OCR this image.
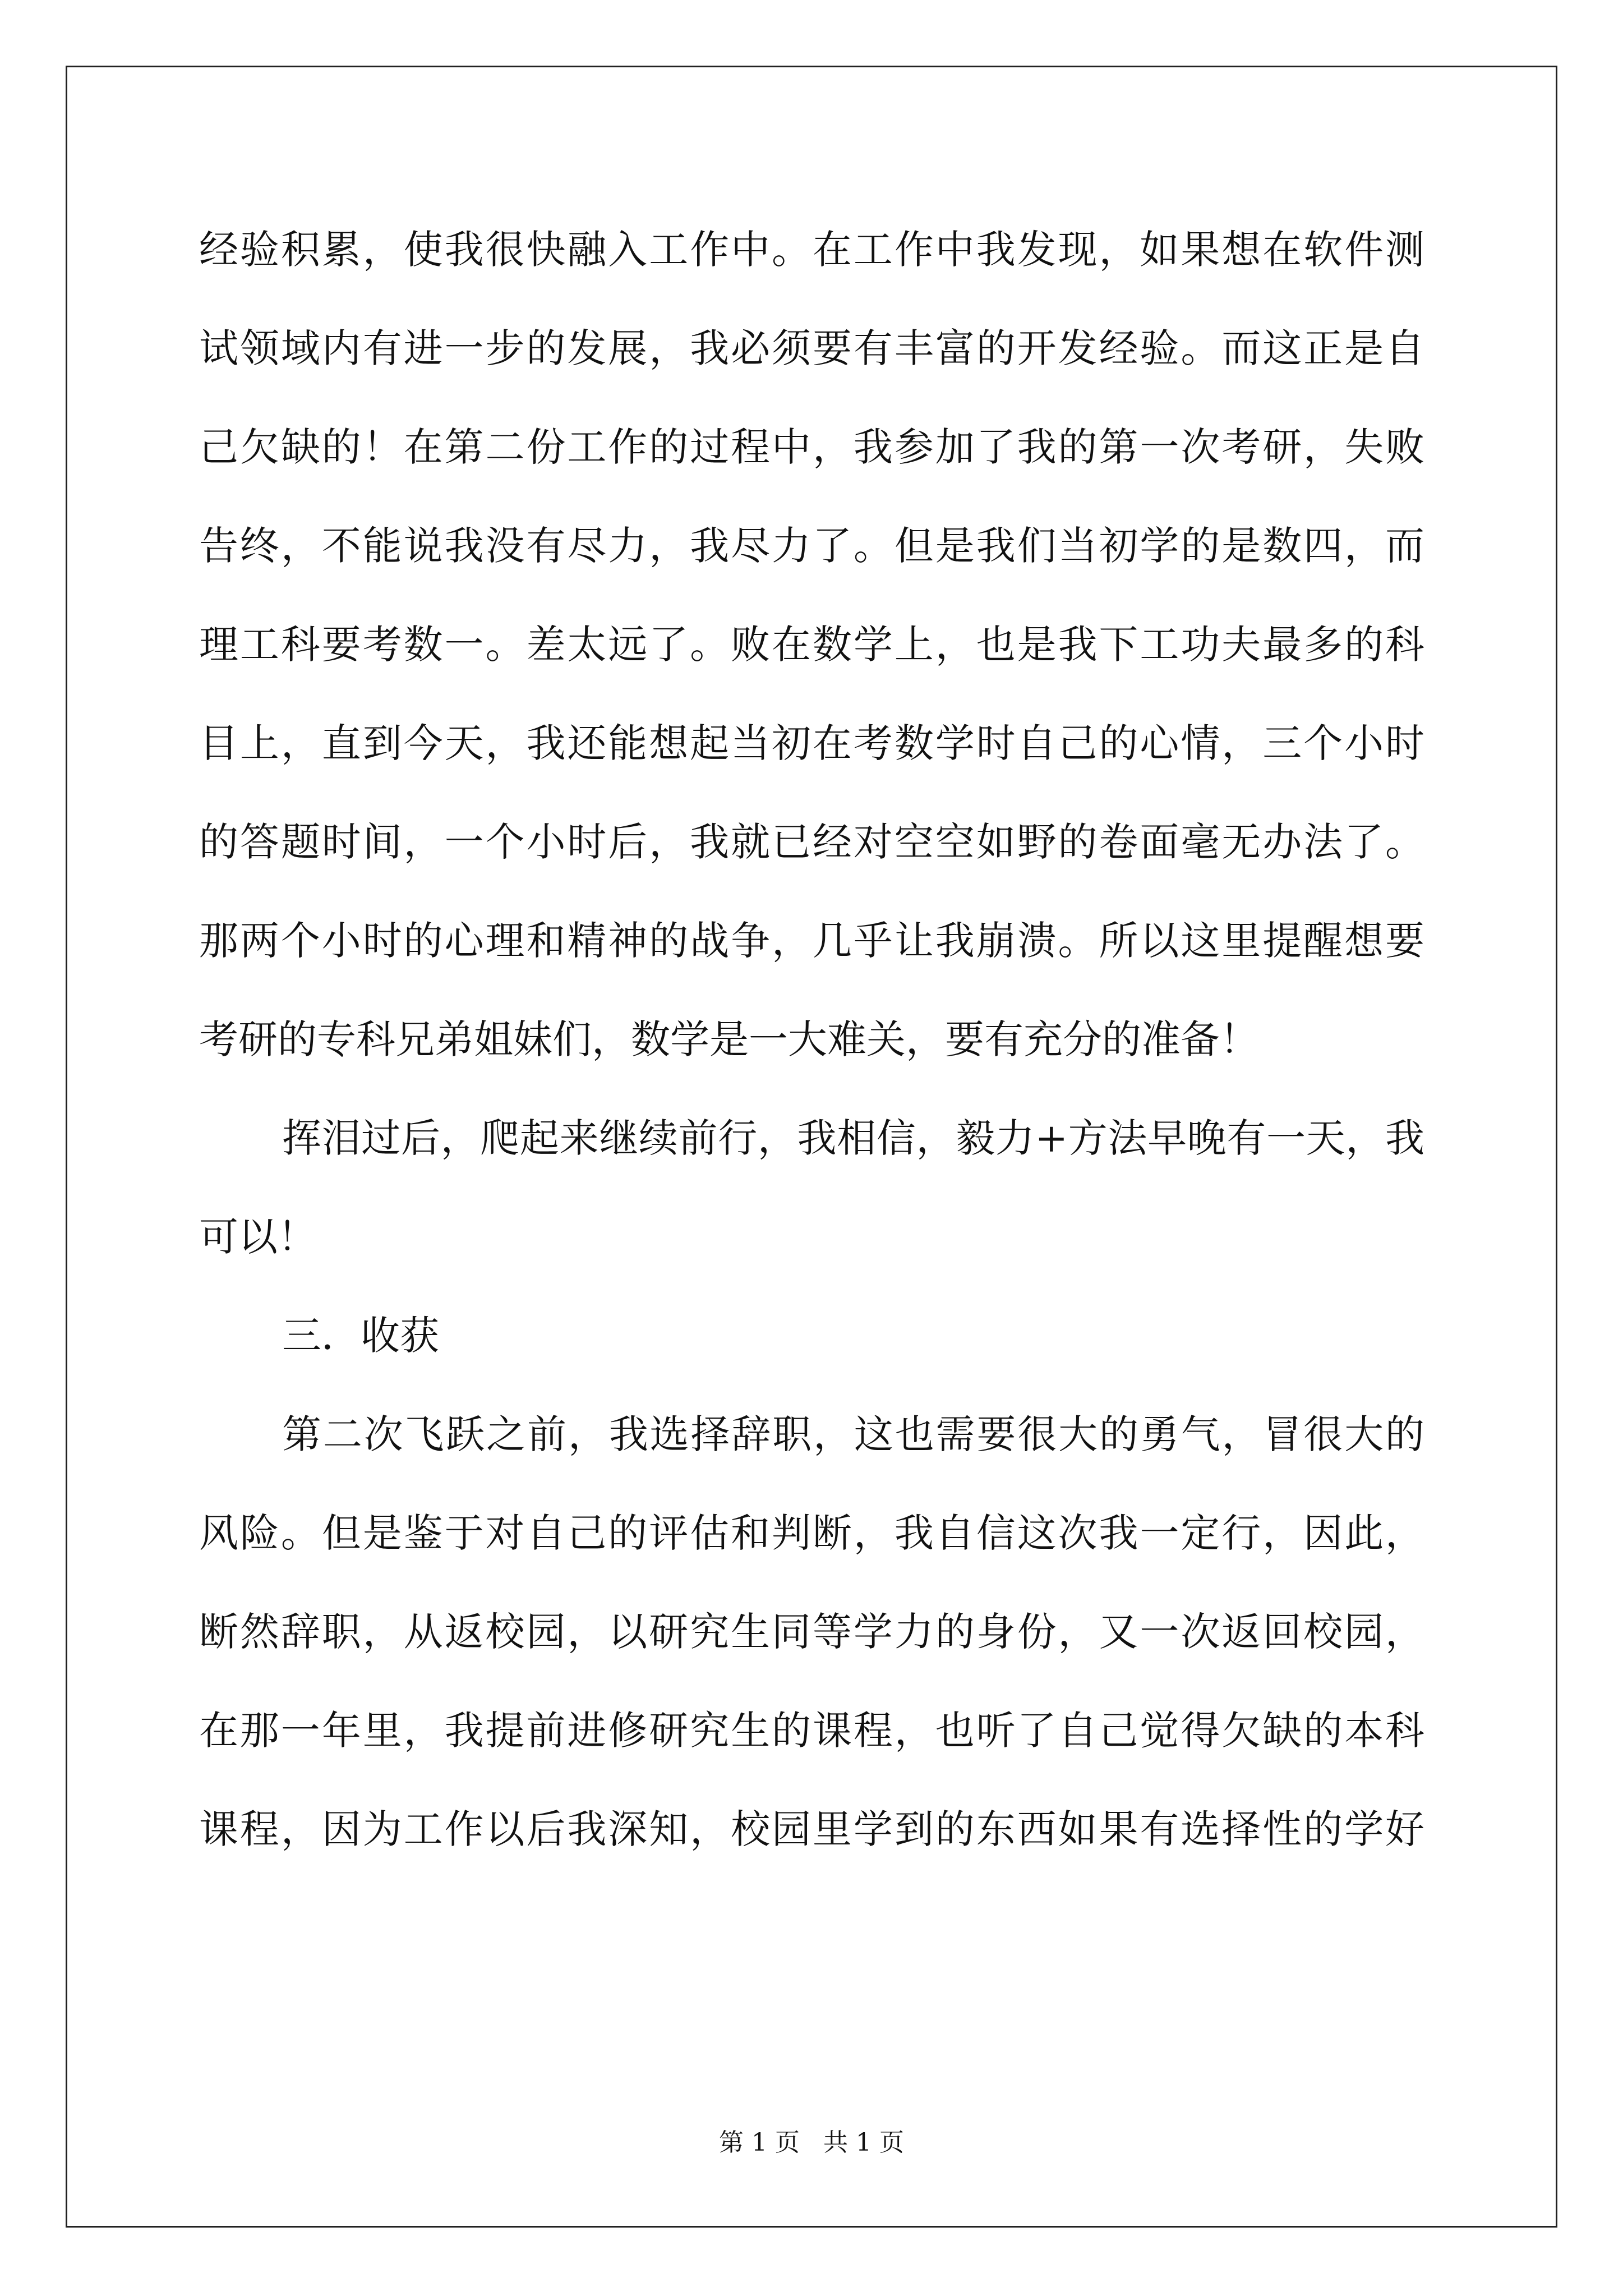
经验积累，使我很快融入工作中。在工作中我发现，如果想在软件测
试领域内有进一步的发展，我必须要有丰富的开发经验。而这正是自
己欠缺的！在第二份工作的过程中，我参加了我的第一次考研，失败
告终，不能说我没有尽力，我尽力了。但是我们当初学的是数四，而
理工科要考数一。差太远了。败在数学上，也是我下工功夫最多的科
目上，直到今天，我还能想起当初在考数学时自己的心情，三个小时
的答题时间，一个小时后，我就已经对空空如野的卷面毫无办法了。
那两个小时的心理和精神的战争，几乎让我崩溃。所以这里提醒想要
考研的专科兄弟姐妹们，数学是一大难关，要有充分的准备！
挥泪过后，爬起来继续前行，我相信，毅力+方法早晚有一天，我
可以！
三．收获
第二次飞跃之前，我选择辞职，这也需要很大的勇气，冒很大的
风险。但是鉴于对自己的评估和判断，我自信这次我一定行，因此，
断然辞职，从返校园，以研究生同等学力的身份，又一次返回校园，
在那一年里，我提前进修研究生的课程，也听了自己觉得欠缺的本科
课程，因为工作以后我深知，校园里学到的东西如果有选择性的学好
第 1 页   共 1 页
